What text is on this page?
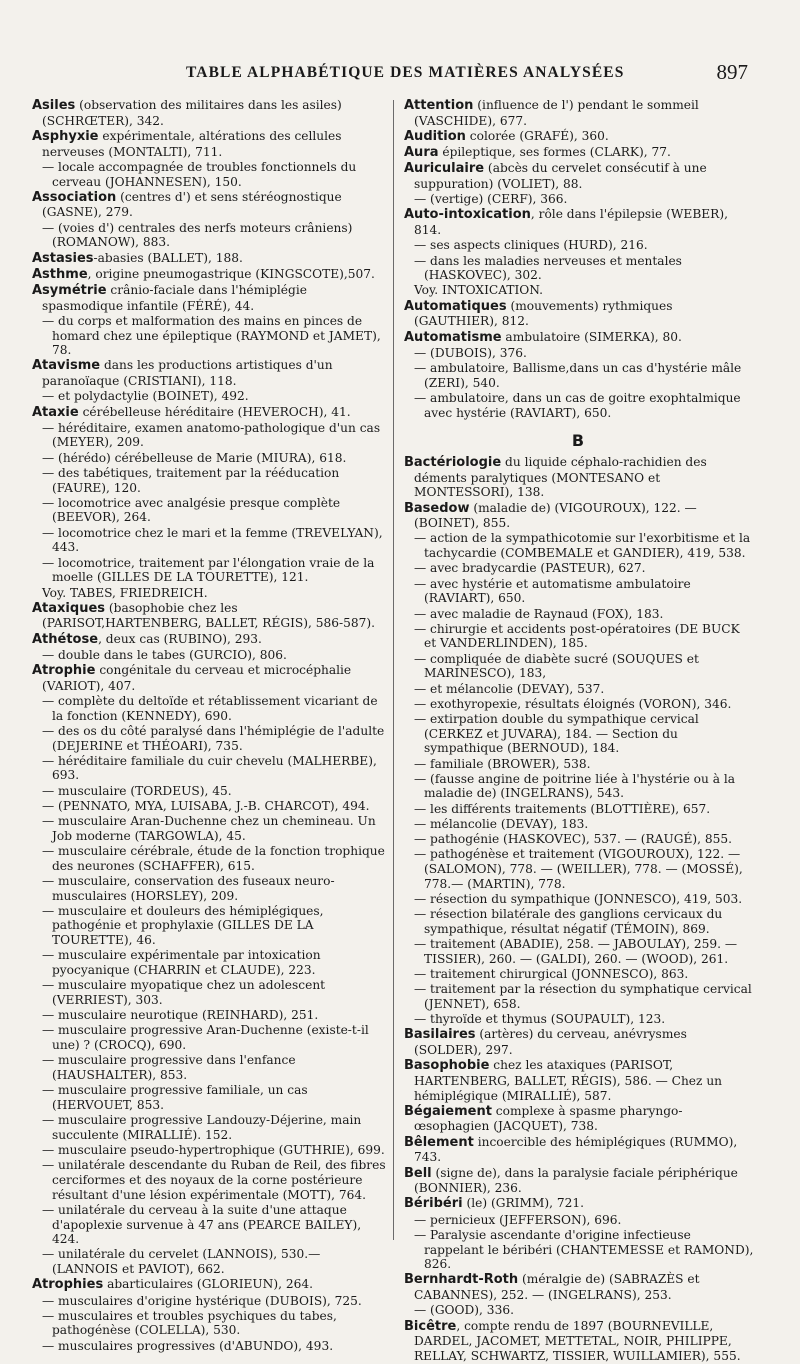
TABLE ALPHABÉTIQUE DES MATIÈRES ANALYSÉES	897
Asiles (observation des militaires dans les asiles) (SCHRŒTER), 342.
Asphyxie expérimentale, altérations des cellules nerveuses (MONTALTI), 711.
— locale accompagnée de troubles fonctionnels du cerveau (JOHANNESEN), 150.
Association (centres d') et sens stéréognostique (GASNE), 279.
— (voies d') centrales des nerfs moteurs crâniens) (ROMANOW), 883.
Astasies-abasies (BALLET), 188.
Asthme, origine pneumogastrique (KINGSCOTE),507.
Asymétrie crânio-faciale dans l'hémiplégie spasmodique infantile (FÉRÉ), 44.
— du corps et malformation des mains en pinces de homard chez une épileptique (RAYMOND et JAMET), 78.
Atavisme dans les productions artistiques d'un paranoïaque (CRISTIANI), 118.
— et polydactylie (BOINET), 492.
Ataxie cérébelleuse héréditaire (HEVEROCH), 41.
— héréditaire, examen anatomo-pathologique d'un cas (MEYER), 209.
— (hérédo) cérébelleuse de Marie (MIURA), 618.
— des tabétiques, traitement par la rééducation (FAURE), 120.
— locomotrice avec analgésie presque complète (BEEVOR), 264.
— locomotrice chez le mari et la femme (TREVELYAN), 443.
— locomotrice, traitement par l'élongation vraie de la moelle (GILLES DE LA TOURETTE), 121.
Voy. TABES, FRIEDREICH.
Ataxiques (basophobie chez les (PARISOT,HARTENBERG, BALLET, RÉGIS), 586-587).
Athétose, deux cas (RUBINO), 293.
— double dans le tabes (GURCIO), 806.
Atrophie congénitale du cerveau et microcéphalie (VARIOT), 407.
— complète du deltoïde et rétablissement vicariant de la fonction (KENNEDY), 690.
— des os du côté paralysé dans l'hémiplégie de l'adulte (DEJERINE et THÉOARI), 735.
— héréditaire familiale du cuir chevelu (MALHERBE), 693.
— musculaire (TORDEUS), 45.
— (PENNATO, MYA, LUISABA, J.-B. CHARCOT), 494.
— musculaire Aran-Duchenne chez un chemineau. Un Job moderne (TARGOWLA), 45.
— musculaire cérébrale, étude de la fonction trophique des neurones (SCHAFFER), 615.
— musculaire, conservation des fuseaux neuro-musculaires (HORSLEY), 209.
— musculaire et douleurs des hémiplégiques, pathogénie et prophylaxie (GILLES DE LA TOURETTE), 46.
— musculaire expérimentale par intoxication pyocyanique (CHARRIN et CLAUDE), 223.
— musculaire myopatique chez un adolescent (VERRIEST), 303.
— musculaire neurotique (REINHARD), 251.
— musculaire progressive Aran-Duchenne (existe-t-il une) ? (CROCQ), 690.
— musculaire progressive dans l'enfance (HAUSHALTER), 853.
— musculaire progressive familiale, un cas (HERVOUET, 853.
— musculaire progressive Landouzy-Déjerine, main succulente (MIRALLIÉ). 152.
— musculaire pseudo-hypertrophique (GUTHRIE), 699.
— unilatérale descendante du Ruban de Reil, des fibres cerciformes et des noyaux de la corne postérieure résultant d'une lésion expérimentale (MOTT), 764.
— unilatérale du cerveau à la suite d'une attaque d'apoplexie survenue à 47 ans (PEARCE BAILEY), 424.
— unilatérale du cervelet (LANNOIS), 530.— (LANNOIS et PAVIOT), 662.
Atrophies abarticulaires (GLORIEUN), 264.
— musculaires d'origine hystérique (DUBOIS), 725.
— musculaires et troubles psychiques du tabes, pathogénèse (COLELLA), 530.
— musculaires progressives (d'ABUNDO), 493.
Attention (influence de l') pendant le sommeil (VASCHIDE), 677.
Audition colorée (GRAFÉ), 360.
Aura épileptique, ses formes (CLARK), 77.
Auriculaire (abcès du cervelet consécutif à une suppuration) (VOLIET), 88.
— (vertige) (CERF), 366.
Auto-intoxication, rôle dans l'épilepsie (WEBER), 814.
— ses aspects cliniques (HURD), 216.
— dans les maladies nerveuses et mentales (HASKOVEC), 302.
Voy. INTOXICATION.
Automatiques (mouvements) rythmiques (GAUTHIER), 812.
Automatisme ambulatoire (SIMERKA), 80.
— (DUBOIS), 376.
— ambulatoire, Ballisme,dans un cas d'hystérie mâle (ZERI), 540.
— ambulatoire, dans un cas de goitre exophtalmique avec hystérie (RAVIART), 650.
B
Bactériologie du liquide céphalo-rachidien des déments paralytiques (MONTESANO et MONTESSORI), 138.
Basedow (maladie de) (VIGOUROUX), 122. — (BOINET), 855.
— action de la sympathicotomie sur l'exorbitisme et la tachycardie (COMBEMALE et GANDIER), 419, 538.
— avec bradycardie (PASTEUR), 627.
— avec hystérie et automatisme ambulatoire (RAVIART), 650.
— avec maladie de Raynaud (FOX), 183.
— chirurgie et accidents post-opératoires (DE BUCK et VANDERLINDEN), 185.
— compliquée de diabète sucré (SOUQUES et MARINESCO), 183,
— et mélancolie (DEVAY), 537.
— exothyropexie, résultats éloignés (VORON), 346.
— extirpation double du sympathique cervical (CERKEZ et JUVARA), 184. — Section du sympathique (BERNOUD), 184.
— familiale (BROWER), 538.
— (fausse angine de poitrine liée à l'hystérie ou à la maladie de) (INGELRANS), 543.
— les différents traitements (BLOTTIÈRE), 657.
— mélancolie (DEVAY), 183.
— pathogénie (HASKOVEC), 537. — (RAUGÉ), 855.
— pathogénèse et traitement (VIGOUROUX), 122. — (SALOMON), 778. — (WEILLER), 778. — (MOSSÉ), 778.— (MARTIN), 778.
— résection du sympathique (JONNESCO), 419, 503.
— résection bilatérale des ganglions cervicaux du sympathique, résultat négatif (TÉMOIN), 869.
— traitement (ABADIE), 258. — JABOULAY), 259. — TISSIER), 260. — (GALDI), 260. — (WOOD), 261.
— traitement chirurgical (JONNESCO), 863.
— traitement par la résection du symphatique cervical (JENNET), 658.
— thyroïde et thymus (SOUPAULT), 123.
Basilaires (artères) du cerveau, anévrysmes (SOLDER), 297.
Basophobie chez les ataxiques (PARISOT, HARTENBERG, BALLET, RÉGIS), 586. — Chez un hémiplégique (MIRALLIÉ), 587.
Bégaiement complexe à spasme pharyngo-œsophagien (JACQUET), 738.
Bêlement incoercible des hémiplégiques (RUMMO), 743.
Bell (signe de), dans la paralysie faciale périphérique (BONNIER), 236.
Béribéri (le) (GRIMM), 721.
— pernicieux (JEFFERSON), 696.
— Paralysie ascendante d'origine infectieuse rappelant le béribéri (CHANTEMESSE et RAMOND), 826.
Bernhardt-Roth (méralgie de) (SABRAZÈS et CABANNES), 252. — (INGELRANS), 253.
— (GOOD), 336.
Bicêtre, compte rendu de 1897 (BOURNEVILLE, DARDEL, JACOMET, METTETAL, NOIR, PHILIPPE, RELLAY, SCHWARTZ, TISSIER, WUILLAMIER), 555.
